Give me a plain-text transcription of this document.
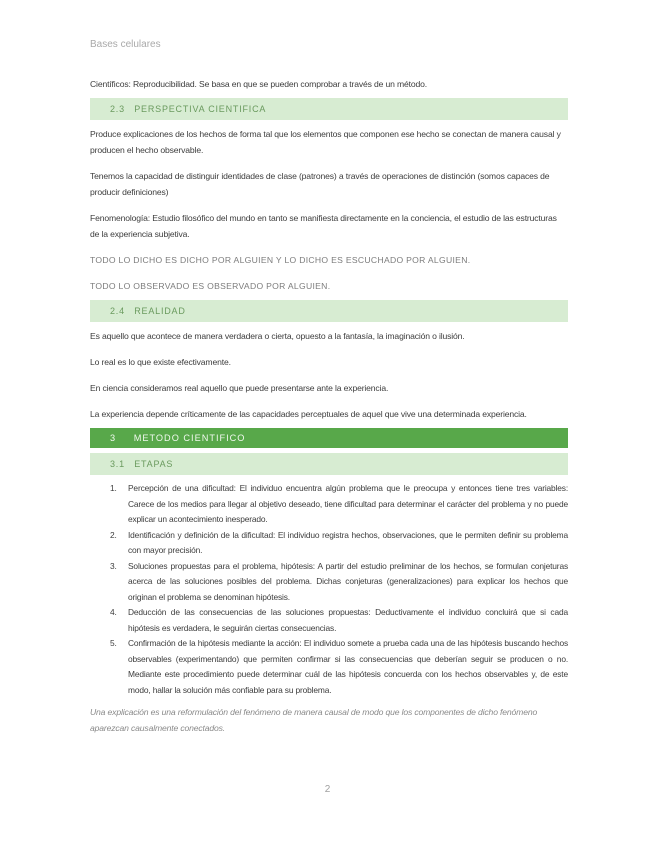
Bases celulares

Científicos: Reproducibilidad. Se basa en que se pueden comprobar a través de un método.

2.3 PERSPECTIVA CIENTIFICA

Produce explicaciones de los hechos de forma tal que los elementos que componen ese hecho se conectan de manera causal y producen el hecho observable.

Tenemos la capacidad de distinguir identidades de clase (patrones) a través de operaciones de distinción (somos capaces de producir definiciones)

Fenomenología: Estudio filosófico del mundo en tanto se manifiesta directamente en la conciencia, el estudio de las estructuras de la experiencia subjetiva.

TODO LO DICHO ES DICHO POR ALGUIEN Y LO DICHO ES ESCUCHADO POR ALGUIEN.

TODO LO OBSERVADO ES OBSERVADO POR ALGUIEN.

2.4 REALIDAD

Es aquello que acontece de manera verdadera o cierta, opuesto a la fantasía, la imaginación o ilusión.

Lo real es lo que existe efectivamente.

En ciencia consideramos real aquello que puede presentarse ante la experiencia.

La experiencia depende críticamente de las capacidades perceptuales de aquel que vive una determinada experiencia.

3 METODO CIENTIFICO
3.1 ETAPAS
1. Percepción de una dificultad: El individuo encuentra algún problema que le preocupa y entonces tiene tres variables: Carece de los medios para llegar al objetivo deseado, tiene dificultad para determinar el carácter del problema y no puede explicar un acontecimiento inesperado.
2. Identificación y definición de la dificultad: El individuo registra hechos, observaciones, que le permiten definir su problema con mayor precisión.
3. Soluciones propuestas para el problema, hipótesis: A partir del estudio preliminar de los hechos, se formulan conjeturas acerca de las soluciones posibles del problema. Dichas conjeturas (generalizaciones) para explicar los hechos que originan el problema se denominan hipótesis.
4. Deducción de las consecuencias de las soluciones propuestas: Deductivamente el individuo concluirá que si cada hipótesis es verdadera, le seguirán ciertas consecuencias.
5. Confirmación de la hipótesis mediante la acción: El individuo somete a prueba cada una de las hipótesis buscando hechos observables (experimentando) que permiten confirmar si las consecuencias que deberían seguir se producen o no. Mediante este procedimiento puede determinar cuál de las hipótesis concuerda con los hechos observables y, de este modo, hallar la solución más confiable para su problema.

Una explicación es una reformulación del fenómeno de manera causal de modo que los componentes de dicho fenómeno aparezcan causalmente conectados.

2
